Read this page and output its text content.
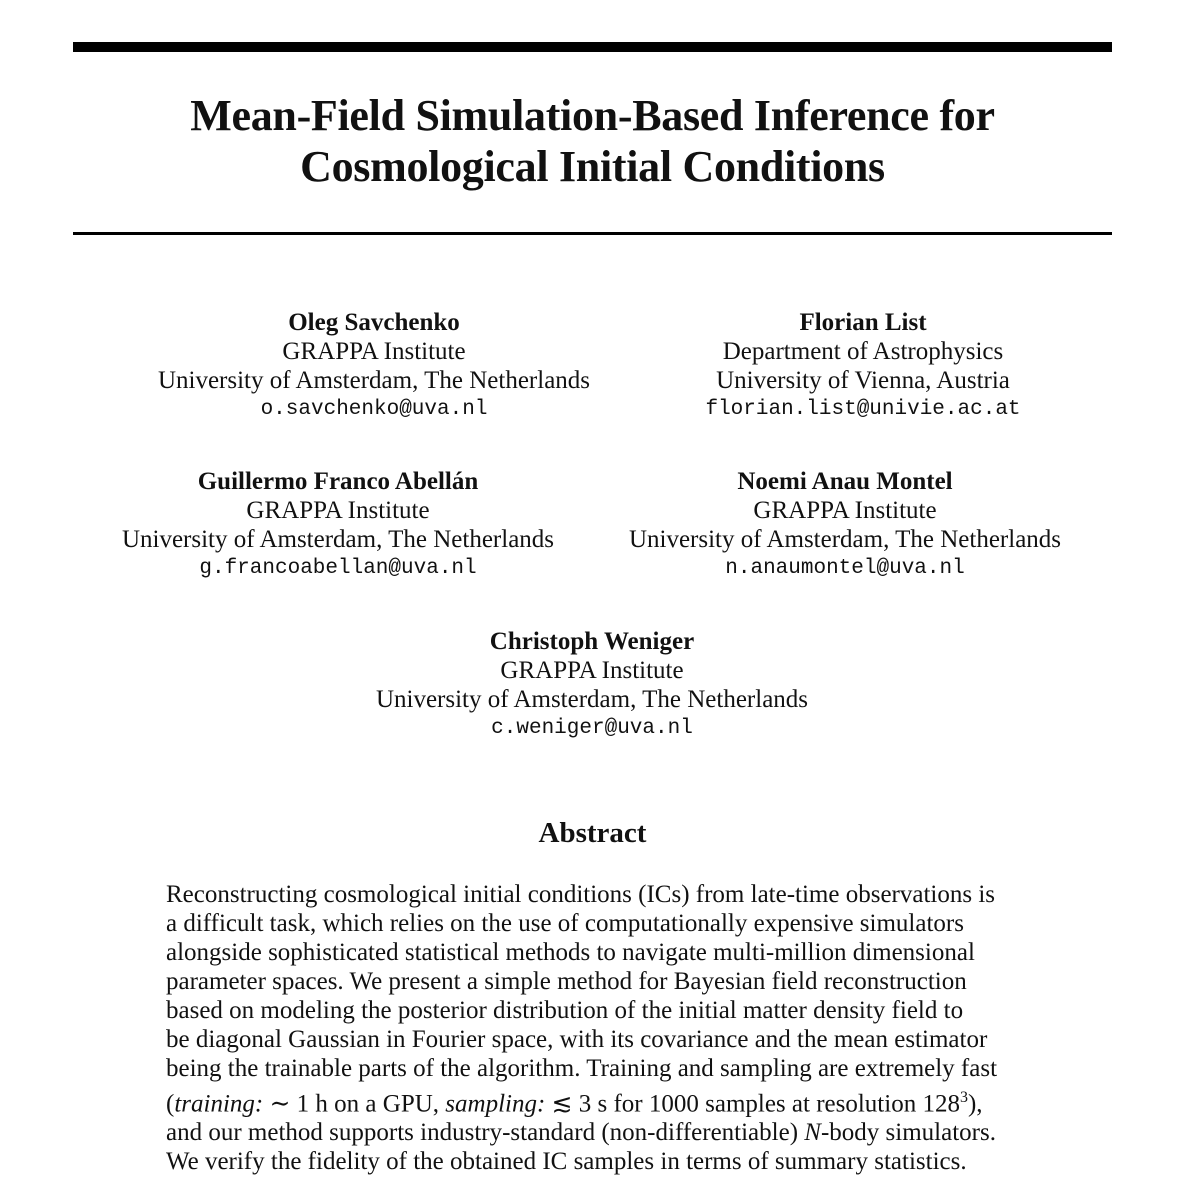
Mean-Field Simulation-Based Inference for
Cosmological Initial Conditions
Oleg Savchenko
GRAPPA Institute
University of Amsterdam, The Netherlands
o.savchenko@uva.nl
Florian List
Department of Astrophysics
University of Vienna, Austria
florian.list@univie.ac.at
Guillermo Franco Abellán
GRAPPA Institute
University of Amsterdam, The Netherlands
g.francoabellan@uva.nl
Noemi Anau Montel
GRAPPA Institute
University of Amsterdam, The Netherlands
n.anaumontel@uva.nl
Christoph Weniger
GRAPPA Institute
University of Amsterdam, The Netherlands
c.weniger@uva.nl
Abstract
Reconstructing cosmological initial conditions (ICs) from late-time observations is
a difficult task, which relies on the use of computationally expensive simulators
alongside sophisticated statistical methods to navigate multi-million dimensional
parameter spaces. We present a simple method for Bayesian field reconstruction
based on modeling the posterior distribution of the initial matter density field to
be diagonal Gaussian in Fourier space, with its covariance and the mean estimator
being the trainable parts of the algorithm. Training and sampling are extremely fast
(training: ∼ 1 h on a GPU, sampling: ≲ 3 s for 1000 samples at resolution $128^3$),
and our method supports industry-standard (non-differentiable) N-body simulators.
We verify the fidelity of the obtained IC samples in terms of summary statistics.
